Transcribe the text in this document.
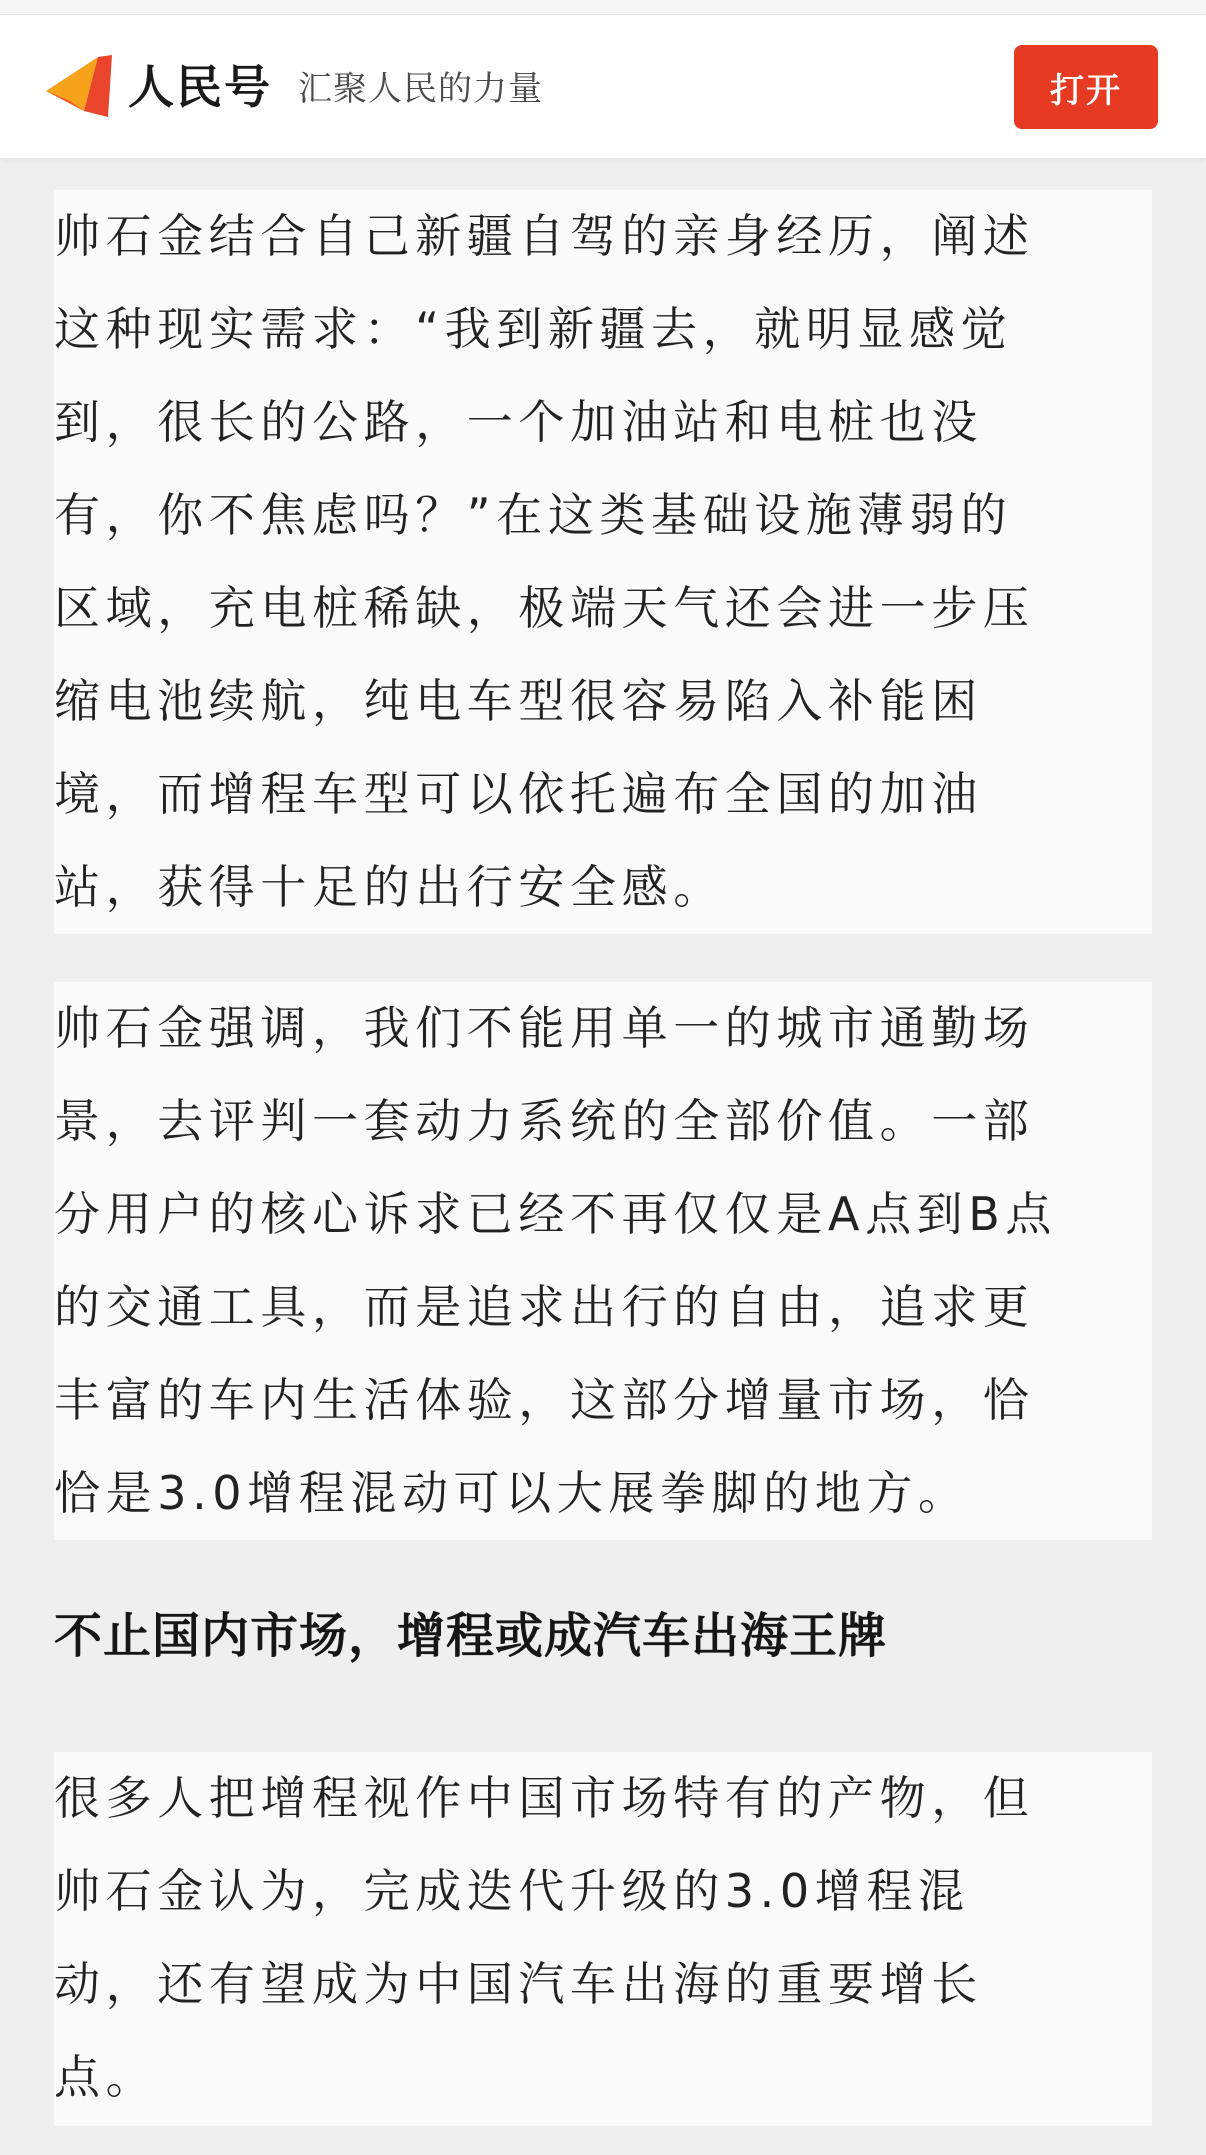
人民号 汇聚人民的力量	打开
帅石金结合自己新疆自驾的亲身经历，阐述
这种现实需求：“我到新疆去，就明显感觉
到，很长的公路，一个加油站和电桩也没
有，你不焦虑吗？”在这类基础设施薄弱的
区域，充电桩稀缺，极端天气还会进一步压
缩电池续航，纯电车型很容易陷入补能困
境，而增程车型可以依托遍布全国的加油
站，获得十足的出行安全感。
帅石金强调，我们不能用单一的城市通勤场
景，去评判一套动力系统的全部价值。一部
分用户的核心诉求已经不再仅仅是A点到B点
的交通工具，而是追求出行的自由，追求更
丰富的车内生活体验，这部分增量市场，恰
恰是3.0增程混动可以大展拳脚的地方。
不止国内市场，增程或成汽车出海王牌
很多人把增程视作中国市场特有的产物，但
帅石金认为，完成迭代升级的3.0增程混
动，还有望成为中国汽车出海的重要增长
点。
